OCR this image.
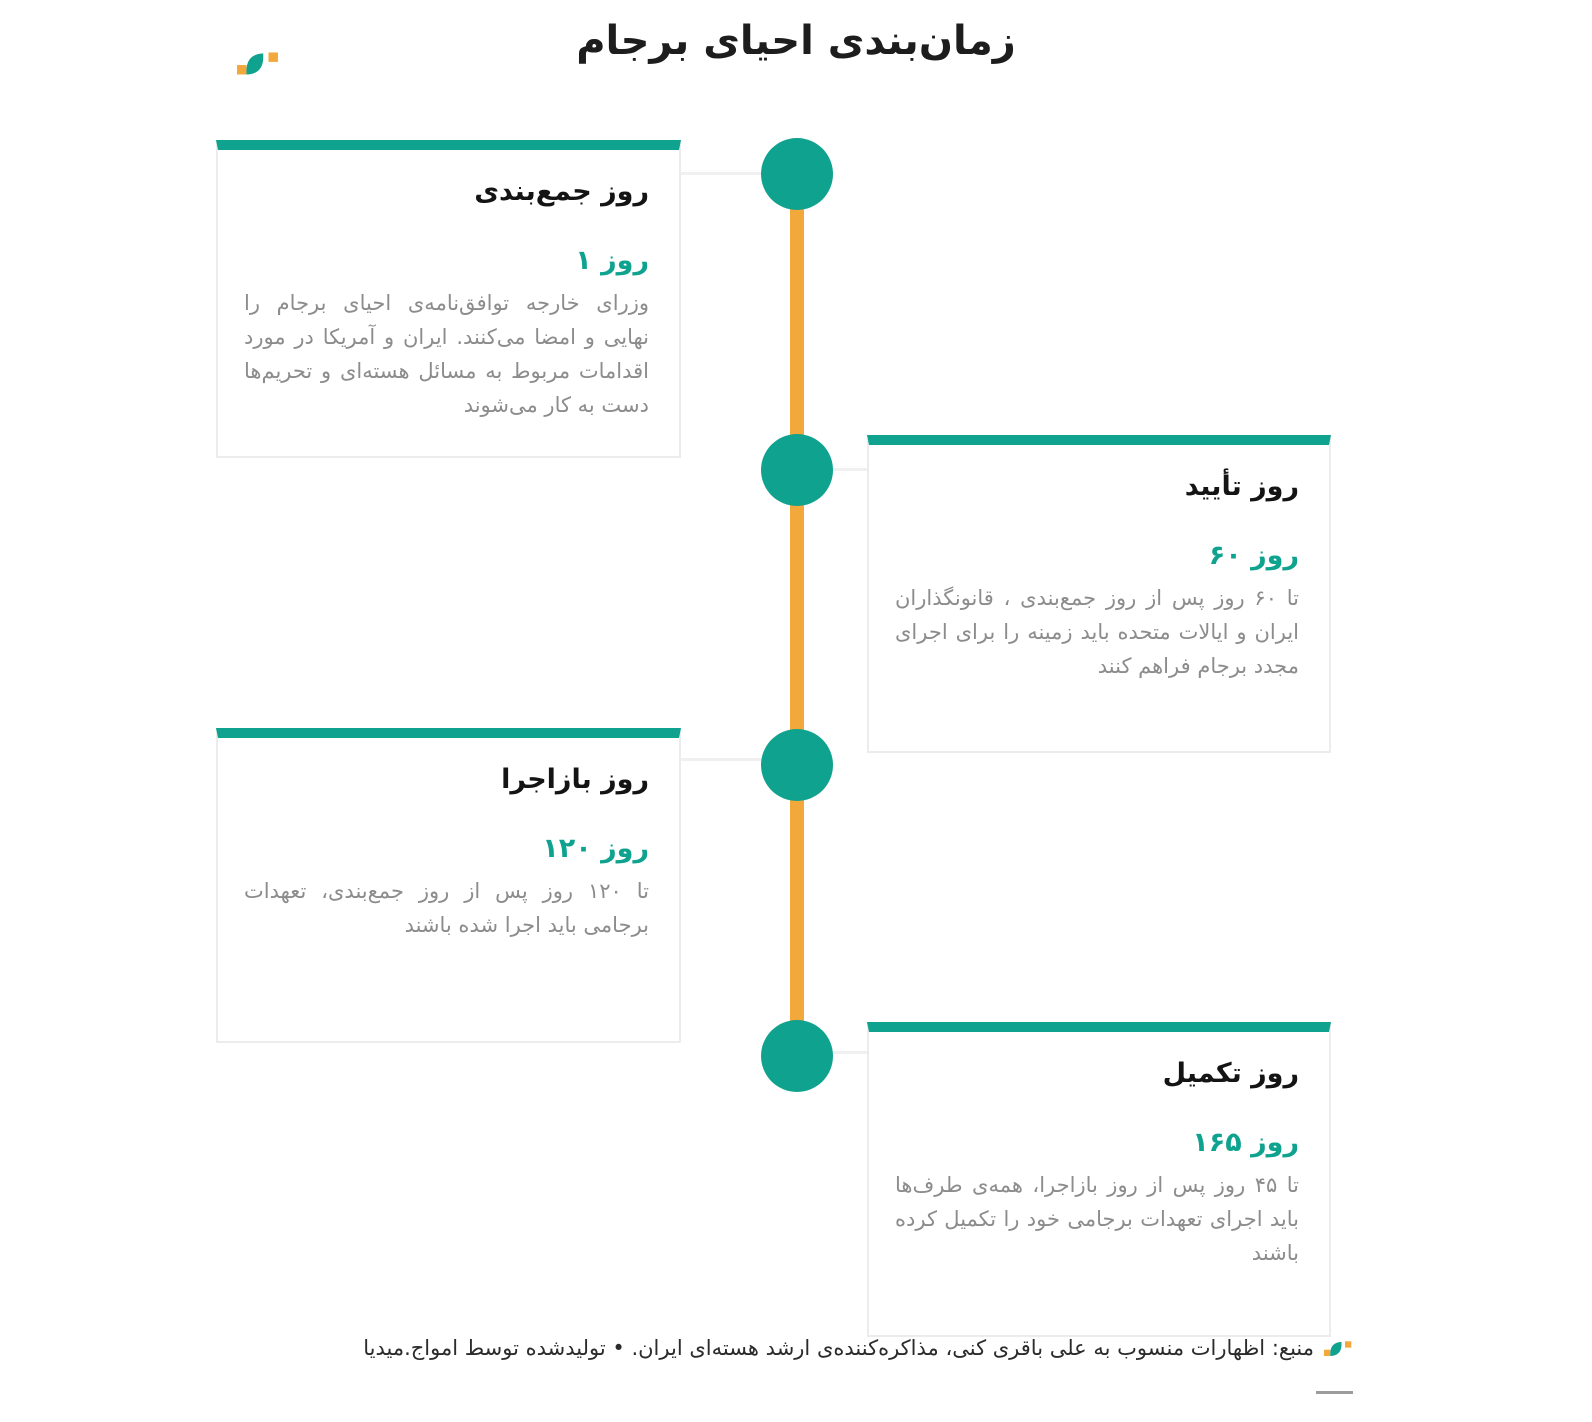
زمان‌بندی احیای برجام
روز جمع‌بندی
روز ۱

وزرای خارجه توافق‌نامه‌ی احیای برجام را نهایی و امضا می‌کنند. ایران و آمریکا در مورد اقدامات مربوط به مسائل هسته‌ای و تحریم‌ها دست به کار می‌شوند

روز تأیید
روز ۶۰

تا ۶۰ روز پس از روز جمع‌بندی ، قانونگذاران ایران و ایالات متحده باید زمینه را برای اجرای مجدد برجام فراهم کنند

روز بازاجرا
روز ۱۲۰

تا ۱۲۰ روز پس از روز جمع‌بندی، تعهدات برجامی باید اجرا شده باشند

روز تکمیل
روز ۱۶۵

تا ۴۵ روز پس از روز بازاجرا، همه‌ی طرف‌ها باید اجرای تعهدات برجامی خود را تکمیل کرده باشند

منبع: اظهارات منسوب به علی باقری کنی، مذاکره‌کننده‌ی ارشد هسته‌ای ایران. • تولیدشده توسط امواج.میدیا
